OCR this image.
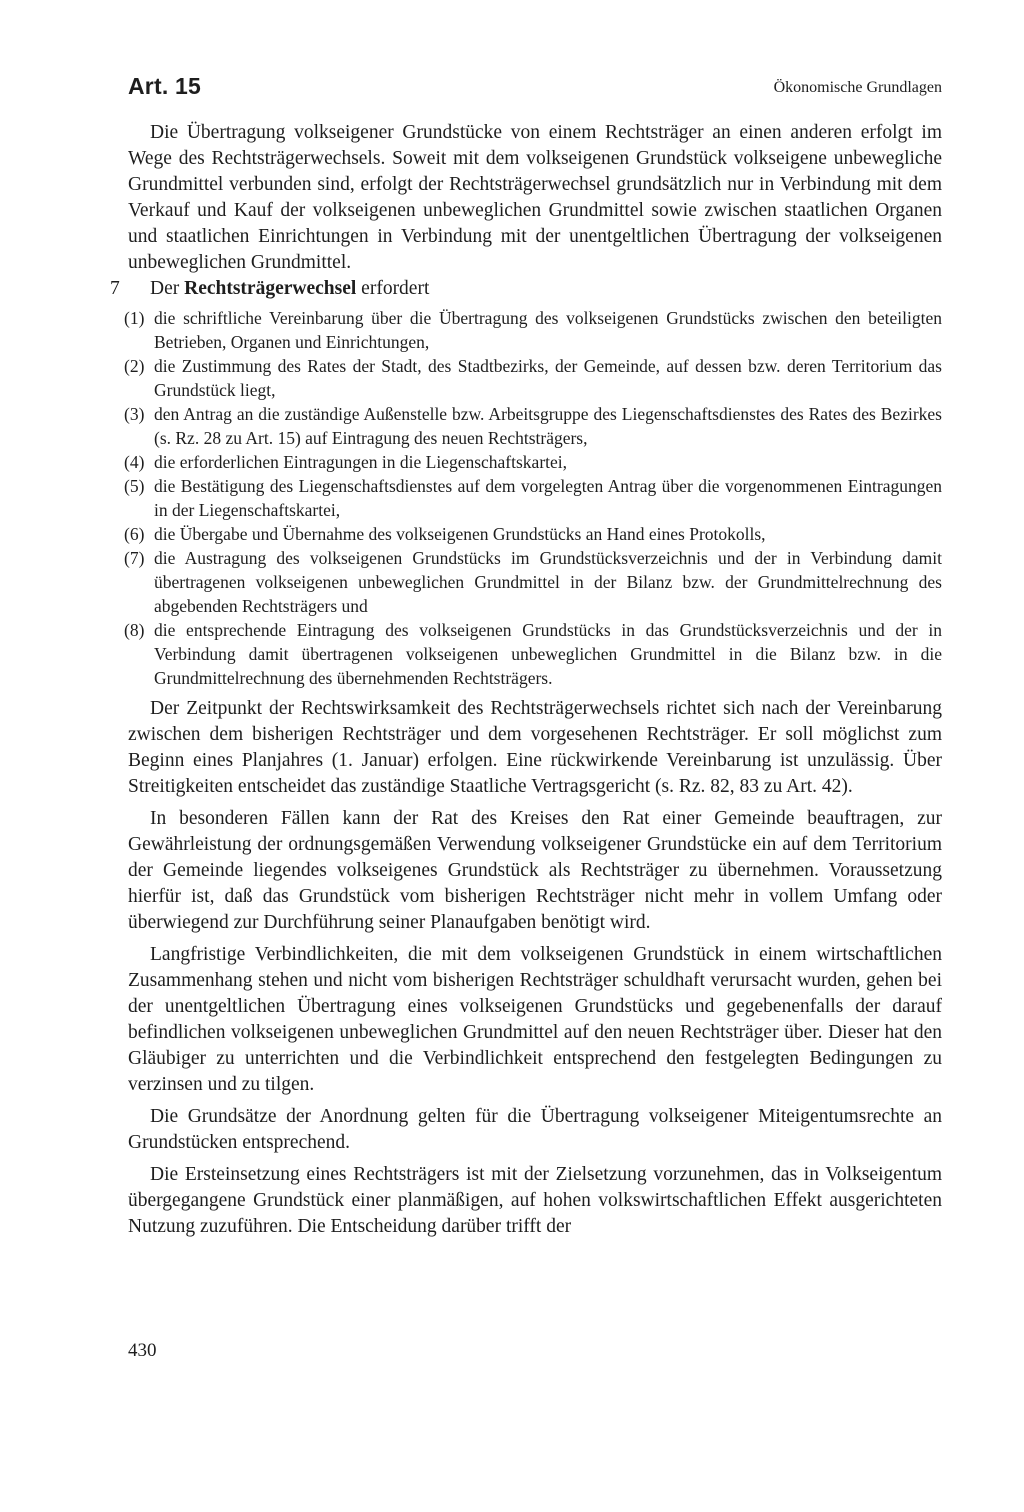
Art. 15	Ökonomische Grundlagen

Die Übertragung volkseigener Grundstücke von einem Rechtsträger an einen anderen erfolgt im Wege des Rechtsträgerwechsels. Soweit mit dem volkseigenen Grundstück volkseigene unbewegliche Grundmittel verbunden sind, erfolgt der Rechtsträgerwechsel grundsätzlich nur in Verbindung mit dem Verkauf und Kauf der volkseigenen unbeweglichen Grundmittel sowie zwischen staatlichen Organen und staatlichen Einrichtungen in Verbindung mit der unentgeltlichen Übertragung der volkseigenen unbeweglichen Grundmittel.

7 Der Rechtsträgerwechsel erfordert

(1) die schriftliche Vereinbarung über die Übertragung des volkseigenen Grundstücks zwischen den beteiligten Betrieben, Organen und Einrichtungen,
(2) die Zustimmung des Rates der Stadt, des Stadtbezirks, der Gemeinde, auf dessen bzw. deren Territorium das Grundstück liegt,
(3) den Antrag an die zuständige Außenstelle bzw. Arbeitsgruppe des Liegenschaftsdienstes des Rates des Bezirkes (s. Rz. 28 zu Art. 15) auf Eintragung des neuen Rechtsträgers,
(4) die erforderlichen Eintragungen in die Liegenschaftskartei,
(5) die Bestätigung des Liegenschaftsdienstes auf dem vorgelegten Antrag über die vorgenommenen Eintragungen in der Liegenschaftskartei,
(6) die Übergabe und Übernahme des volkseigenen Grundstücks an Hand eines Protokolls,
(7) die Austragung des volkseigenen Grundstücks im Grundstücksverzeichnis und der in Verbindung damit übertragenen volkseigenen unbeweglichen Grundmittel in der Bilanz bzw. der Grundmittelrechnung des abgebenden Rechtsträgers und
(8) die entsprechende Eintragung des volkseigenen Grundstücks in das Grundstücksverzeichnis und der in Verbindung damit übertragenen volkseigenen unbeweglichen Grundmittel in die Bilanz bzw. in die Grundmittelrechnung des übernehmenden Rechtsträgers.

Der Zeitpunkt der Rechtswirksamkeit des Rechtsträgerwechsels richtet sich nach der Vereinbarung zwischen dem bisherigen Rechtsträger und dem vorgesehenen Rechtsträger. Er soll möglichst zum Beginn eines Planjahres (1. Januar) erfolgen. Eine rückwirkende Vereinbarung ist unzulässig. Über Streitigkeiten entscheidet das zuständige Staatliche Vertragsgericht (s. Rz. 82, 83 zu Art. 42).

In besonderen Fällen kann der Rat des Kreises den Rat einer Gemeinde beauftragen, zur Gewährleistung der ordnungsgemäßen Verwendung volkseigener Grundstücke ein auf dem Territorium der Gemeinde liegendes volkseigenes Grundstück als Rechtsträger zu übernehmen. Voraussetzung hierfür ist, daß das Grundstück vom bisherigen Rechtsträger nicht mehr in vollem Umfang oder überwiegend zur Durchführung seiner Planaufgaben benötigt wird.

Langfristige Verbindlichkeiten, die mit dem volkseigenen Grundstück in einem wirtschaftlichen Zusammenhang stehen und nicht vom bisherigen Rechtsträger schuldhaft verursacht wurden, gehen bei der unentgeltlichen Übertragung eines volkseigenen Grundstücks und gegebenenfalls der darauf befindlichen volkseigenen unbeweglichen Grundmittel auf den neuen Rechtsträger über. Dieser hat den Gläubiger zu unterrichten und die Verbindlichkeit entsprechend den festgelegten Bedingungen zu verzinsen und zu tilgen.

Die Grundsätze der Anordnung gelten für die Übertragung volkseigener Miteigentumsrechte an Grundstücken entsprechend.

Die Ersteinsetzung eines Rechtsträgers ist mit der Zielsetzung vorzunehmen, das in Volkseigentum übergegangene Grundstück einer planmäßigen, auf hohen volkswirtschaftlichen Effekt ausgerichteten Nutzung zuzuführen. Die Entscheidung darüber trifft der

430
